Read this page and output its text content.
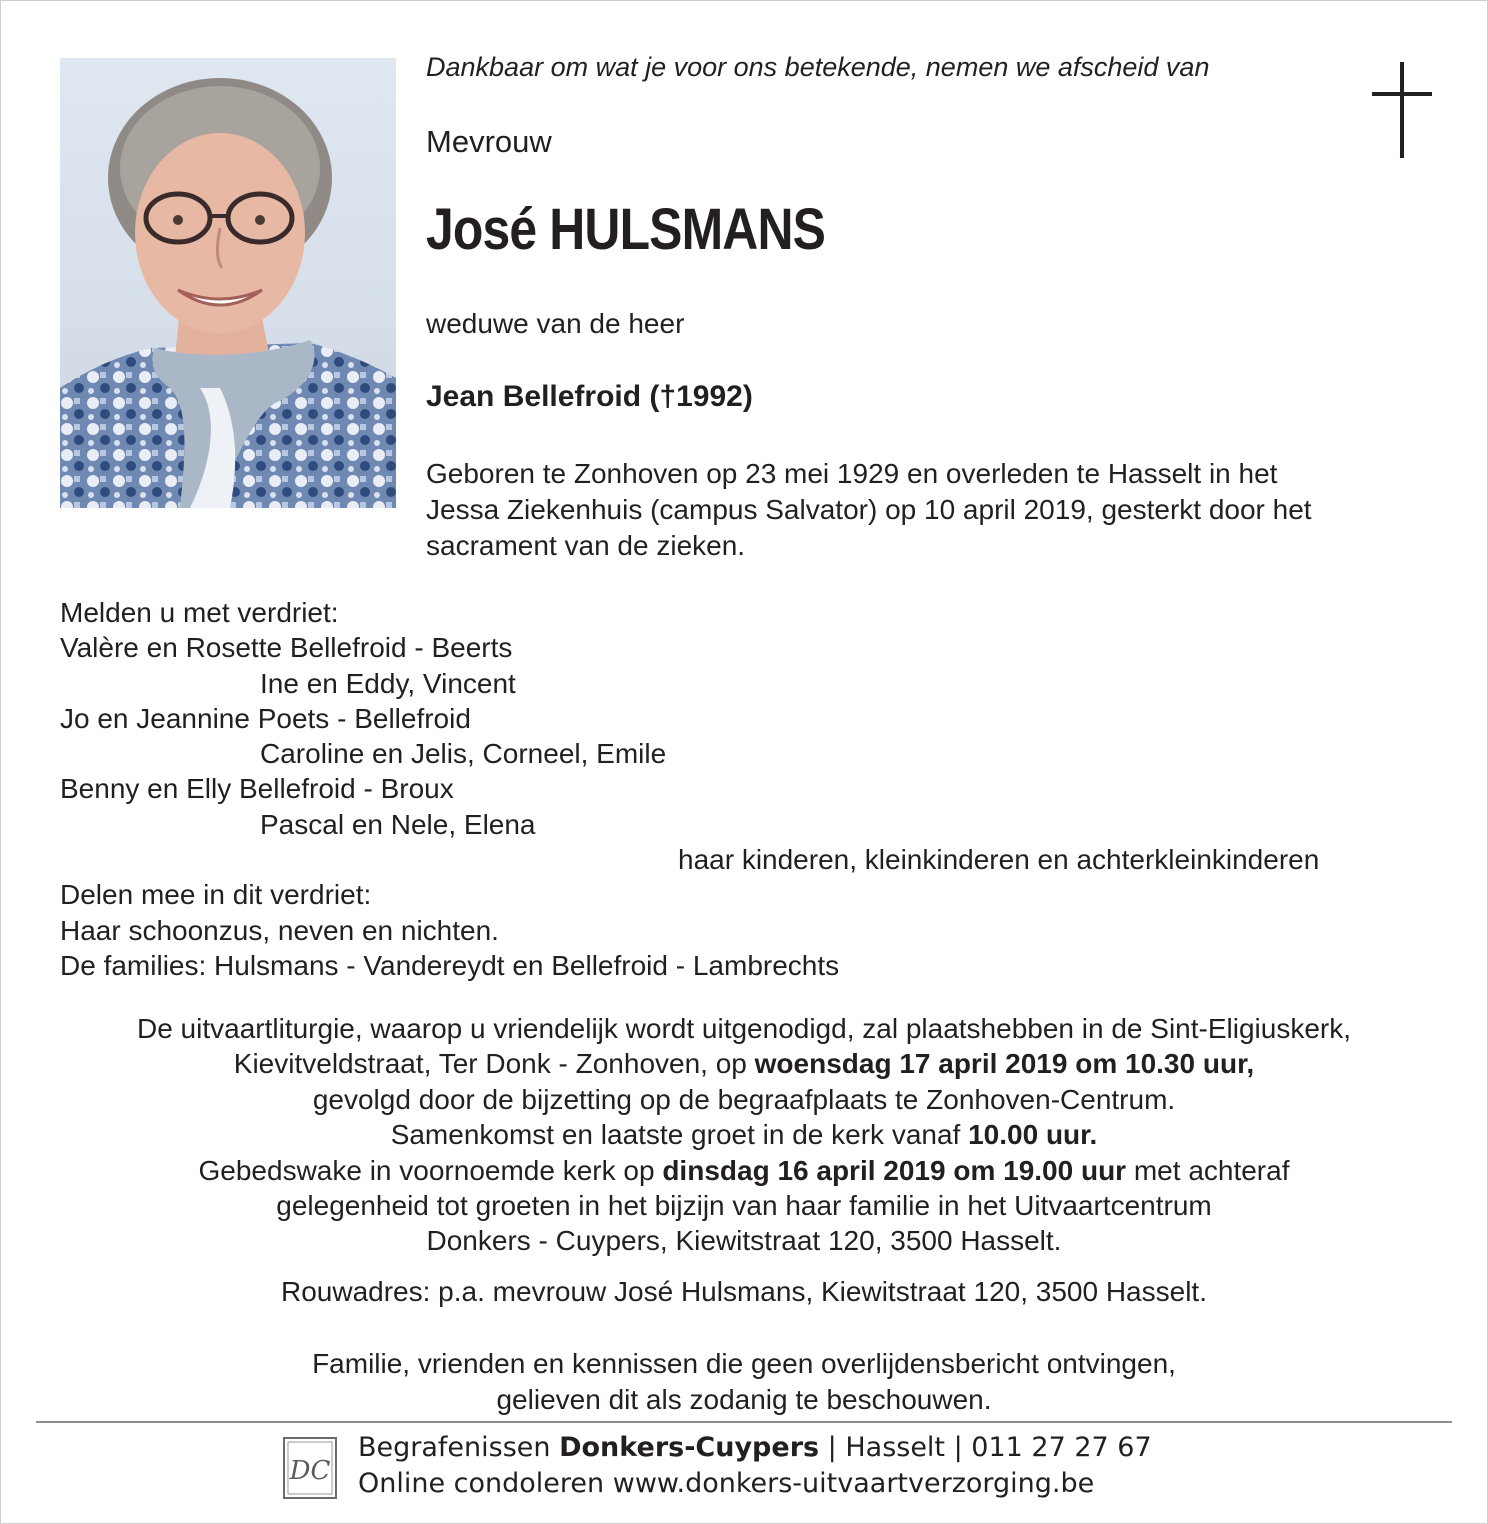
Dankbaar om wat je voor ons betekende, nemen we afscheid van
Mevrouw
José HULSMANS
weduwe van de heer
Jean Bellefroid (†1992)
Geboren te Zonhoven op 23 mei 1929 en overleden te Hasselt in het
Jessa Ziekenhuis (campus Salvator) op 10 april 2019, gesterkt door het
sacrament van de zieken.
Melden u met verdriet:
Valère en Rosette Bellefroid - Beerts
Ine en Eddy, Vincent
Jo en Jeannine Poets - Bellefroid
Caroline en Jelis, Corneel, Emile
Benny en Elly Bellefroid - Broux
Pascal en Nele, Elena
haar kinderen, kleinkinderen en achterkleinkinderen
Delen mee in dit verdriet:
Haar schoonzus, neven en nichten.
De families: Hulsmans - Vandereydt en Bellefroid - Lambrechts
De uitvaartliturgie, waarop u vriendelijk wordt uitgenodigd, zal plaatshebben in de Sint-Eligiuskerk,
Kievitveldstraat, Ter Donk - Zonhoven, op woensdag 17 april 2019 om 10.30 uur,
gevolgd door de bijzetting op de begraafplaats te Zonhoven-Centrum.
Samenkomst en laatste groet in de kerk vanaf 10.00 uur.
Gebedswake in voornoemde kerk op dinsdag 16 april 2019 om 19.00 uur met achteraf
gelegenheid tot groeten in het bijzijn van haar familie in het Uitvaartcentrum
Donkers - Cuypers, Kiewitstraat 120, 3500 Hasselt.
Rouwadres: p.a. mevrouw José Hulsmans, Kiewitstraat 120, 3500 Hasselt.
Familie, vrienden en kennissen die geen overlijdensbericht ontvingen,
gelieven dit als zodanig te beschouwen.
DC
Begrafenissen Donkers-Cuypers | Hasselt | 011 27 27 67
Online condoleren www.donkers-uitvaartverzorging.be
